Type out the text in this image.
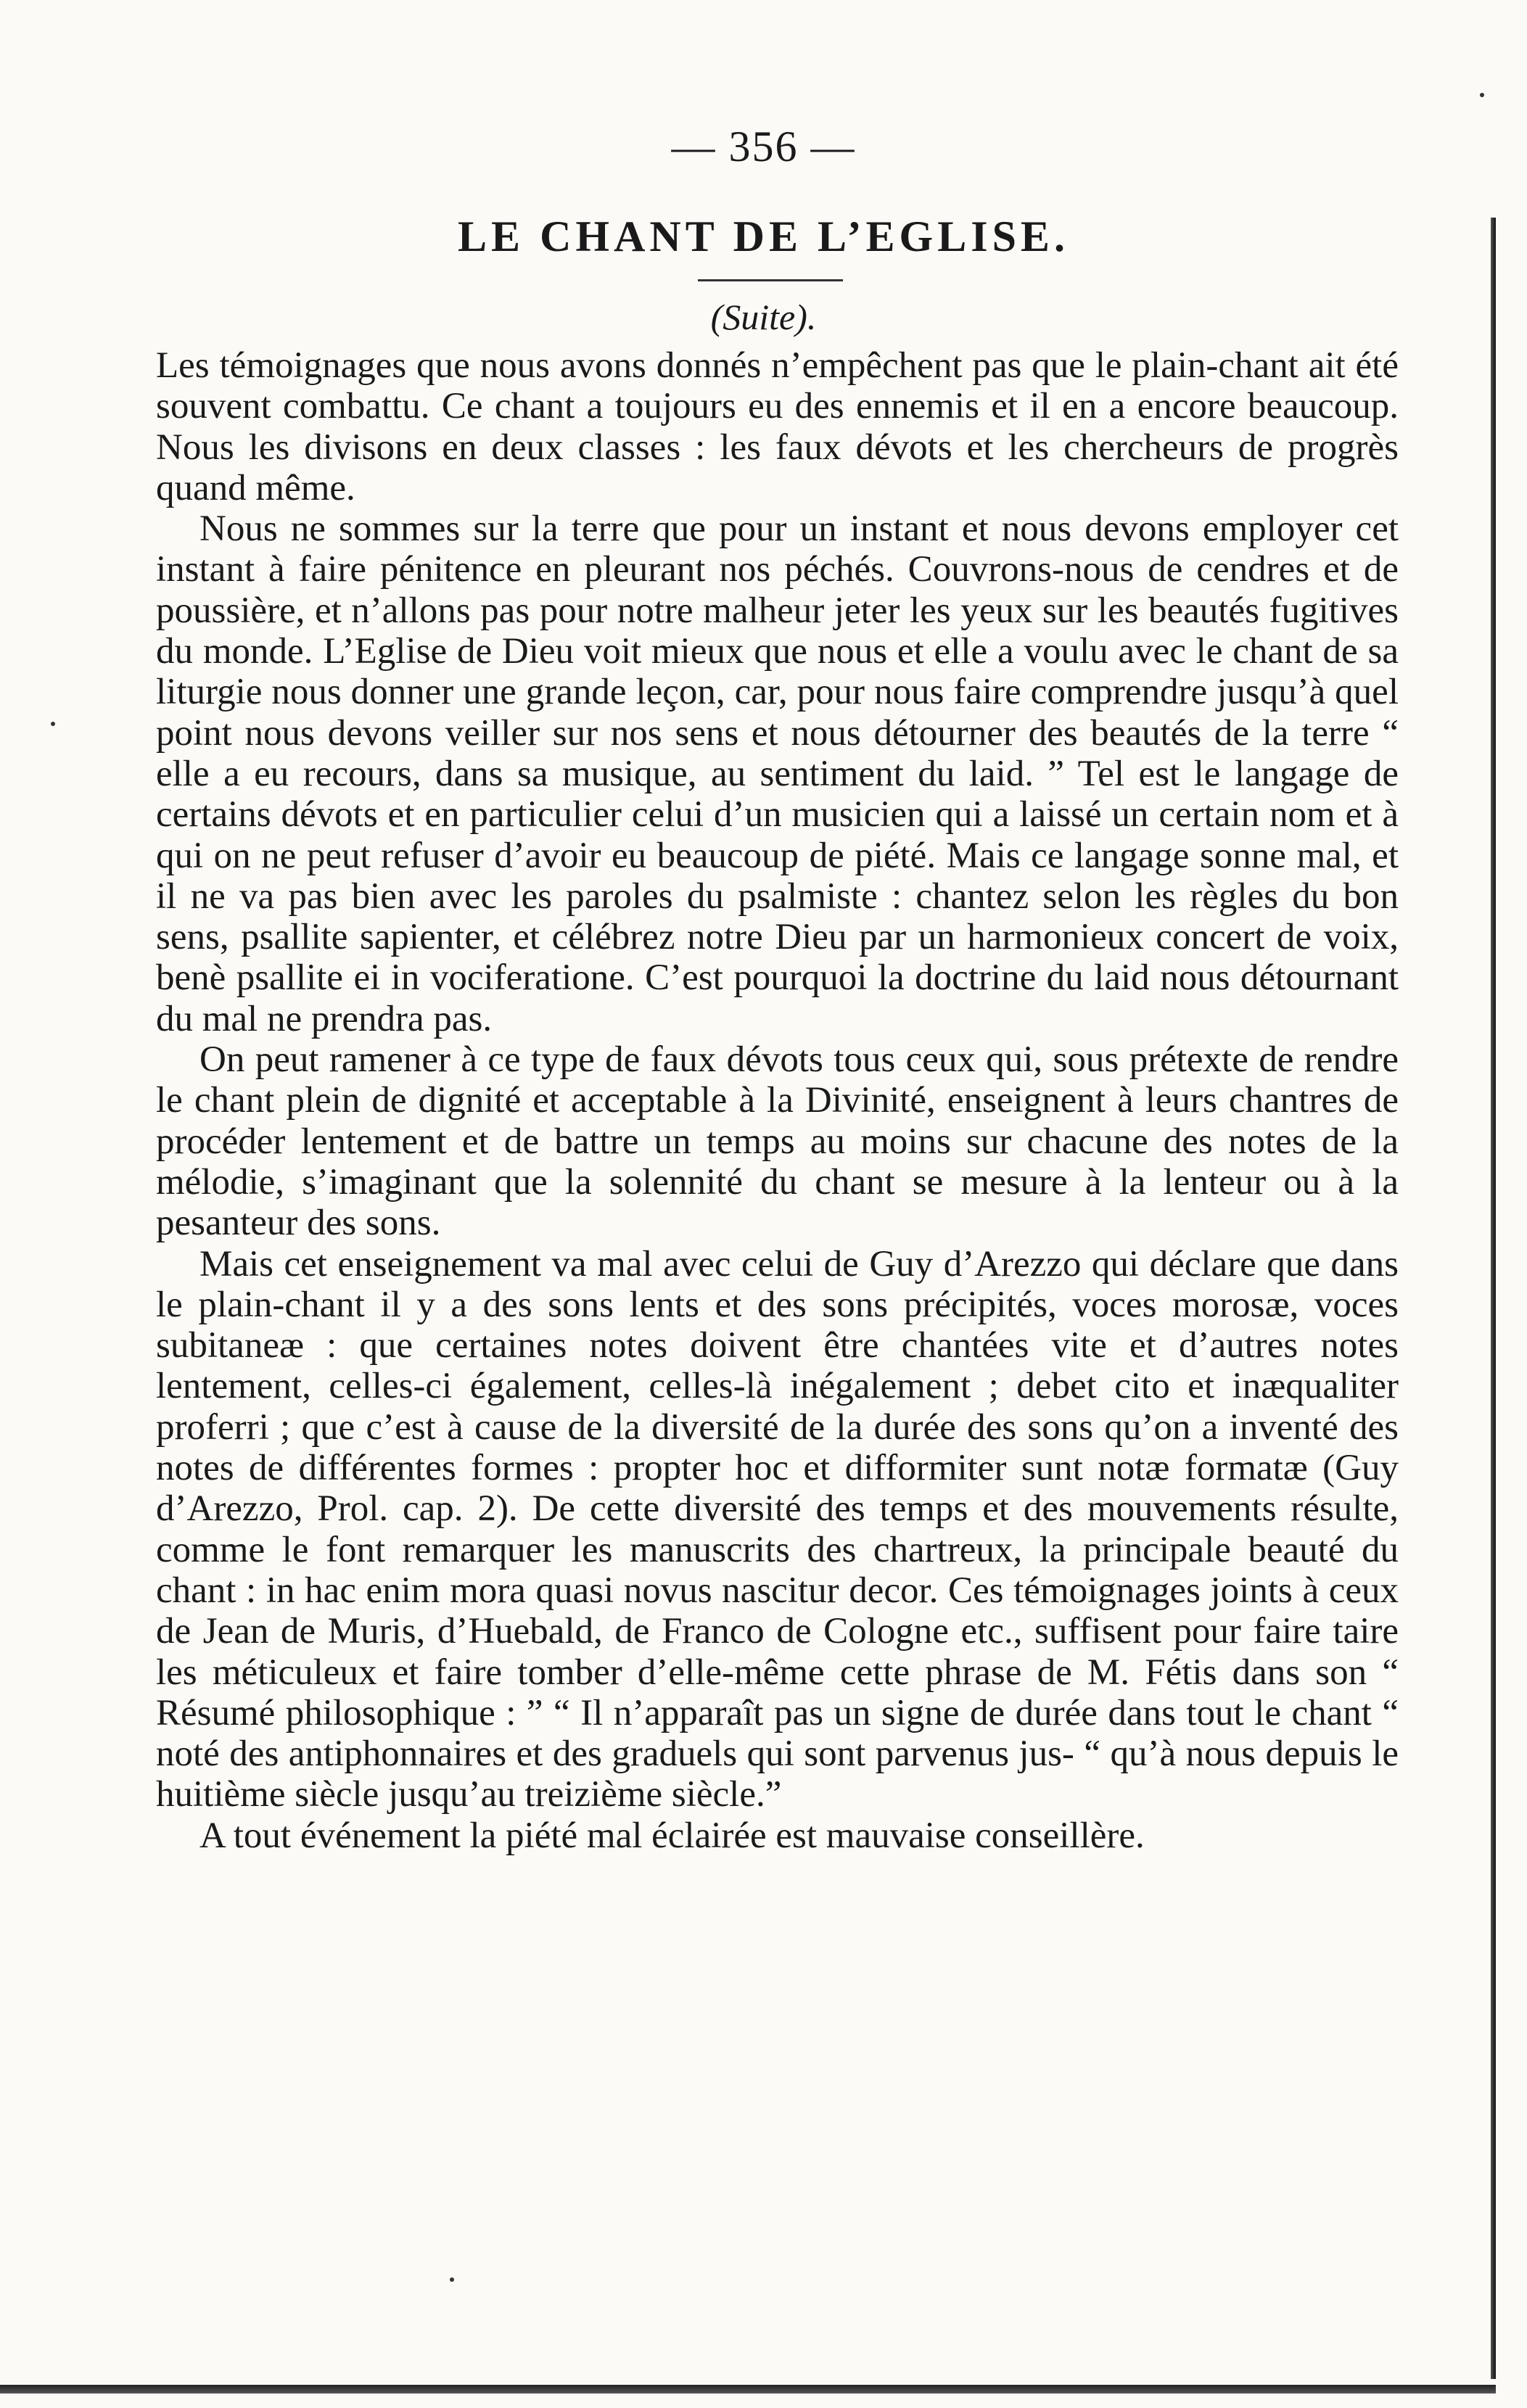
— 356 —
LE CHANT DE L’EGLISE.
(Suite).

Les témoignages que nous avons donnés n’empêchent pas que le plain-chant ait été souvent combattu. Ce chant a toujours eu des ennemis et il en a encore beaucoup. Nous les divisons en deux classes : les faux dévots et les chercheurs de progrès quand même.

Nous ne sommes sur la terre que pour un instant et nous devons employer cet instant à faire pénitence en pleurant nos péchés. Couvrons-nous de cendres et de poussière, et n’allons pas pour notre malheur jeter les yeux sur les beautés fugitives du monde. L’Eglise de Dieu voit mieux que nous et elle a voulu avec le chant de sa liturgie nous donner une grande leçon, car, pour nous faire comprendre jusqu’à quel point nous devons veiller sur nos sens et nous détourner des beautés de la terre “ elle a eu recours, dans sa musique, au sentiment du laid. ” Tel est le langage de certains dévots et en particulier celui d’un musicien qui a laissé un certain nom et à qui on ne peut refuser d’avoir eu beaucoup de piété. Mais ce langage sonne mal, et il ne va pas bien avec les paroles du psalmiste : chantez selon les règles du bon sens, psallite sapienter, et célébrez notre Dieu par un harmonieux concert de voix, benè psallite ei in vociferatione. C’est pourquoi la doctrine du laid nous détournant du mal ne prendra pas.

On peut ramener à ce type de faux dévots tous ceux qui, sous prétexte de rendre le chant plein de dignité et acceptable à la Divinité, enseignent à leurs chantres de procéder lentement et de battre un temps au moins sur chacune des notes de la mélodie, s’imaginant que la solennité du chant se mesure à la lenteur ou à la pesanteur des sons.

Mais cet enseignement va mal avec celui de Guy d’Arezzo qui déclare que dans le plain-chant il y a des sons lents et des sons précipités, voces morosæ, voces subitaneæ : que certaines notes doivent être chantées vite et d’autres notes lentement, celles-ci également, celles-là inégalement ; debet cito et inæqualiter proferri ; que c’est à cause de la diversité de la durée des sons qu’on a inventé des notes de différentes formes : propter hoc et difformiter sunt notæ formatæ (Guy d’Arezzo, Prol. cap. 2). De cette diversité des temps et des mouvements résulte, comme le font remarquer les manuscrits des chartreux, la principale beauté du chant : in hac enim mora quasi novus nascitur decor. Ces témoignages joints à ceux de Jean de Muris, d’Huebald, de Franco de Cologne etc., suffisent pour faire taire les méticuleux et faire tomber d’elle-même cette phrase de M. Fétis dans son “ Résumé philosophique : ” “ Il n’apparaît pas un signe de durée dans tout le chant “ noté des antiphonnaires et des graduels qui sont parvenus jus- “ qu’à nous depuis le huitième siècle jusqu’au treizième siècle.”

A tout événement la piété mal éclairée est mauvaise conseillère.
